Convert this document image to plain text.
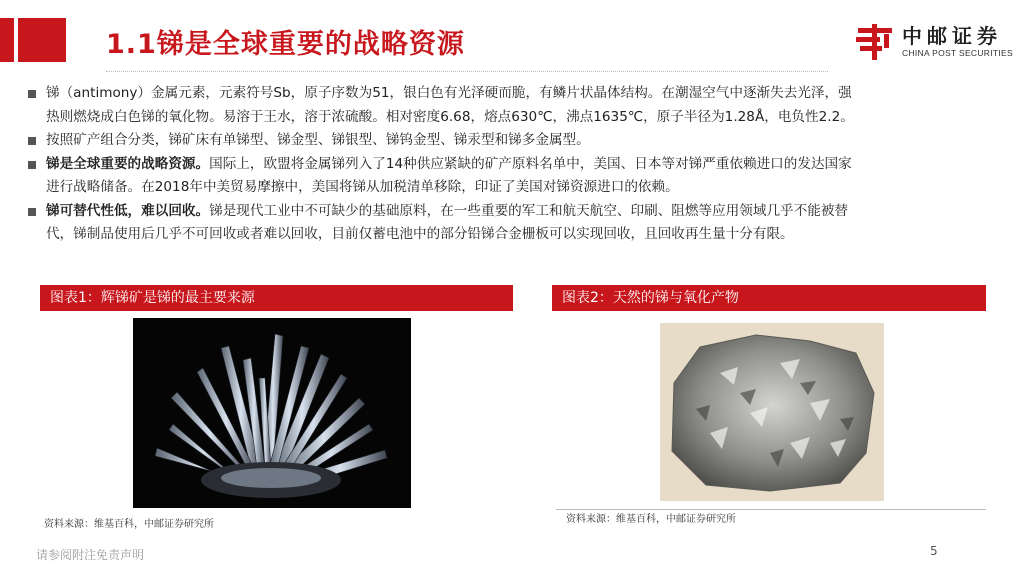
1.1锑是全球重要的战略资源	中邮证券
CHINA POST SECURITIES
锑（antimony）金属元素，元素符号Sb，原子序数为51，银白色有光泽硬而脆，有鳞片状晶体结构。在潮湿空气中逐渐失去光泽，强
热则燃烧成白色锑的氧化物。易溶于王水，溶于浓硫酸。相对密度6.68，熔点630℃，沸点1635℃，原子半径为1.28Å，电负性2.2。
按照矿产组合分类，锑矿床有单锑型、锑金型、锑银型、锑钨金型、锑汞型和锑多金属型。
锑是全球重要的战略资源。国际上，欧盟将金属锑列入了14种供应紧缺的矿产原料名单中，美国、日本等对锑严重依赖进口的发达国家
进行战略储备。在2018年中美贸易摩擦中，美国将锑从加税清单移除，印证了美国对锑资源进口的依赖。
锑可替代性低，难以回收。锑是现代工业中不可缺少的基础原料，在一些重要的军工和航天航空、印刷、阻燃等应用领域几乎不能被替
代，锑制品使用后几乎不可回收或者难以回收，目前仅蓄电池中的部分铅锑合金栅板可以实现回收，且回收再生量十分有限。
图表1：辉锑矿是锑的最主要来源	图表2：天然的锑与氧化产物
资料来源：维基百科，中邮证券研究所	资料来源：维基百科，中邮证券研究所
请参阅附注免责声明	5
